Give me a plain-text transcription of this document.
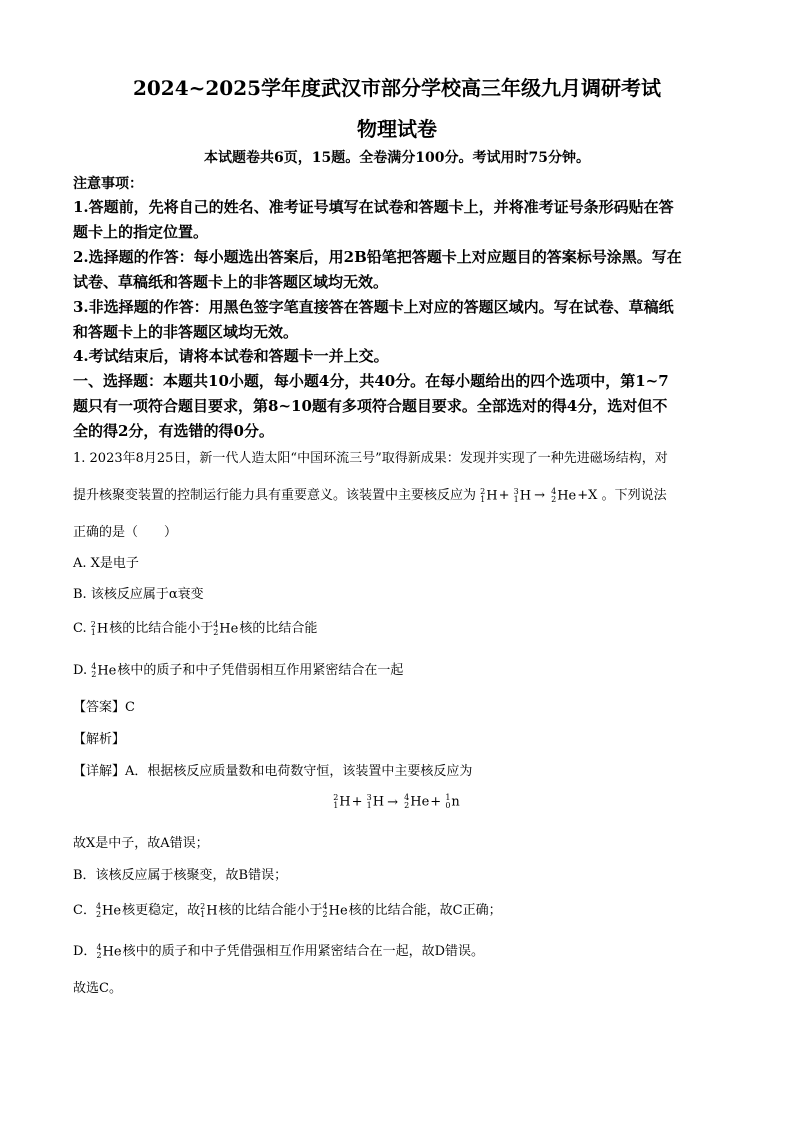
2024~2025学年度武汉市部分学校高三年级九月调研考试
物理试卷
本试题卷共6页，15题。全卷满分100分。考试用时75分钟。
注意事项：
1.答题前，先将自己的姓名、准考证号填写在试卷和答题卡上，并将准考证号条形码贴在答
题卡上的指定位置。
2.选择题的作答：每小题选出答案后，用2B铅笔把答题卡上对应题目的答案标号涂黑。写在
试卷、草稿纸和答题卡上的非答题区域均无效。
3.非选择题的作答：用黑色签字笔直接答在答题卡上对应的答题区域内。写在试卷、草稿纸
和答题卡上的非答题区域均无效。
4.考试结束后，请将本试卷和答题卡一并上交。
一、选择题：本题共10小题，每小题4分，共40分。在每小题给出的四个选项中，第1~7
题只有一项符合题目要求，第8~10题有多项符合题目要求。全部选对的得4分，选对但不
全的得2分，有选错的得0分。
1. 2023年8月25日，新一代人造太阳“中国环流三号”取得新成果：发现并实现了一种先进磁场结构，对
提升核聚变装置的控制运行能力具有重要意义。该装置中主要核反应为 2
1 H+ 3
1 H → 4
2 He+X 。下列说法
正确的是（　　）
A. X是电子
B. 该核反应属于α衰变
C. 2
1 H核的比结合能小于 4
2 He核的比结合能
D. 4
2 He核中的质子和中子凭借弱相互作用紧密结合在一起
【答案】C
【解析】
【详解】A．根据核反应质量数和电荷数守恒，该装置中主要核反应为
2
1 H+ 3
1 H → 4
2 He+ 1
0 n
故X是中子，故A错误；
B．该核反应属于核聚变，故B错误；
C． 4
2 He核更稳定，故 2
1 H核的比结合能小于 4
2 He核的比结合能，故C正确；
D． 4
2 He核中的质子和中子凭借强相互作用紧密结合在一起，故D错误。
故选C。
